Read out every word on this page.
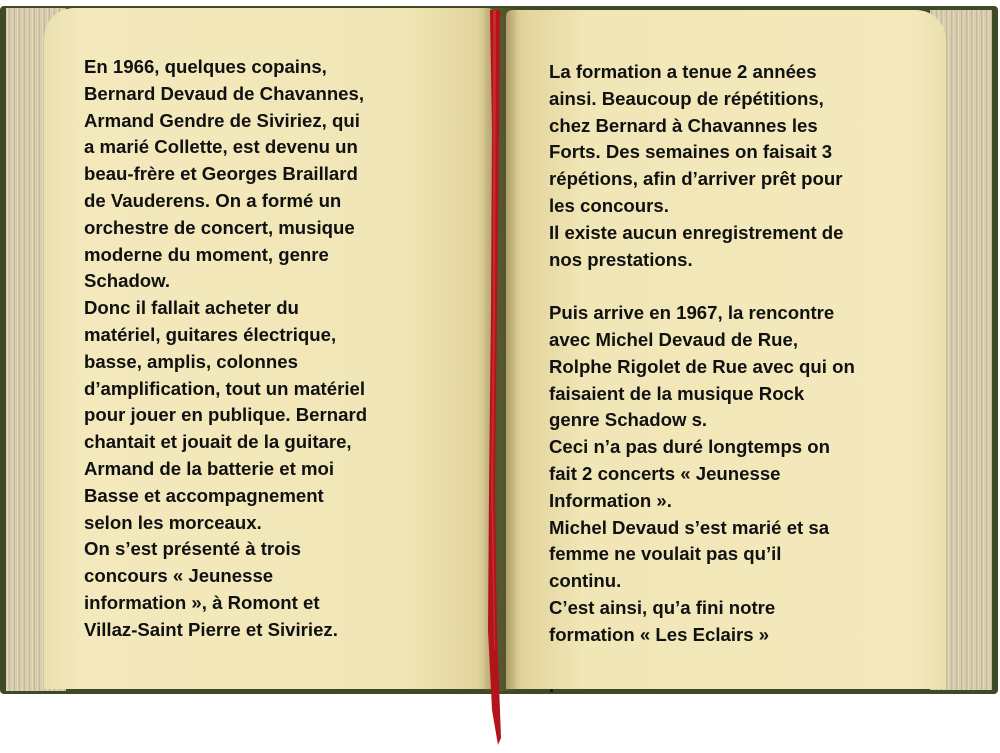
En 1966, quelques copains,
Bernard Devaud de Chavannes,
Armand Gendre de Siviriez, qui
a marié Collette, est devenu un
beau-frère et Georges Braillard
de Vauderens. On a formé un
orchestre de concert, musique
moderne du moment, genre
Schadow.
Donc il fallait acheter du
matériel, guitares électrique,
basse, amplis, colonnes
d’amplification, tout un matériel
pour jouer en publique. Bernard
chantait et jouait de la guitare,
Armand de la batterie et moi
Basse et accompagnement
selon les morceaux.
On s’est présenté à trois
concours « Jeunesse
information », à Romont et
Villaz-Saint Pierre et Siviriez.
La formation a tenue 2 années
ainsi. Beaucoup de répétitions,
chez Bernard à Chavannes les
Forts. Des semaines on faisait 3
répétions, afin d’arriver prêt pour
les concours.
Il existe aucun enregistrement de
nos prestations.
Puis arrive en 1967, la rencontre
avec Michel Devaud de Rue,
Rolphe Rigolet de Rue avec qui on
faisaient de la musique Rock
genre Schadow s.
Ceci n’a pas duré longtemps on
fait 2 concerts « Jeunesse
Information ».
Michel Devaud s’est marié et sa
femme ne voulait pas qu’il
continu.
C’est ainsi, qu’a fini notre
formation « Les Eclairs »
.
